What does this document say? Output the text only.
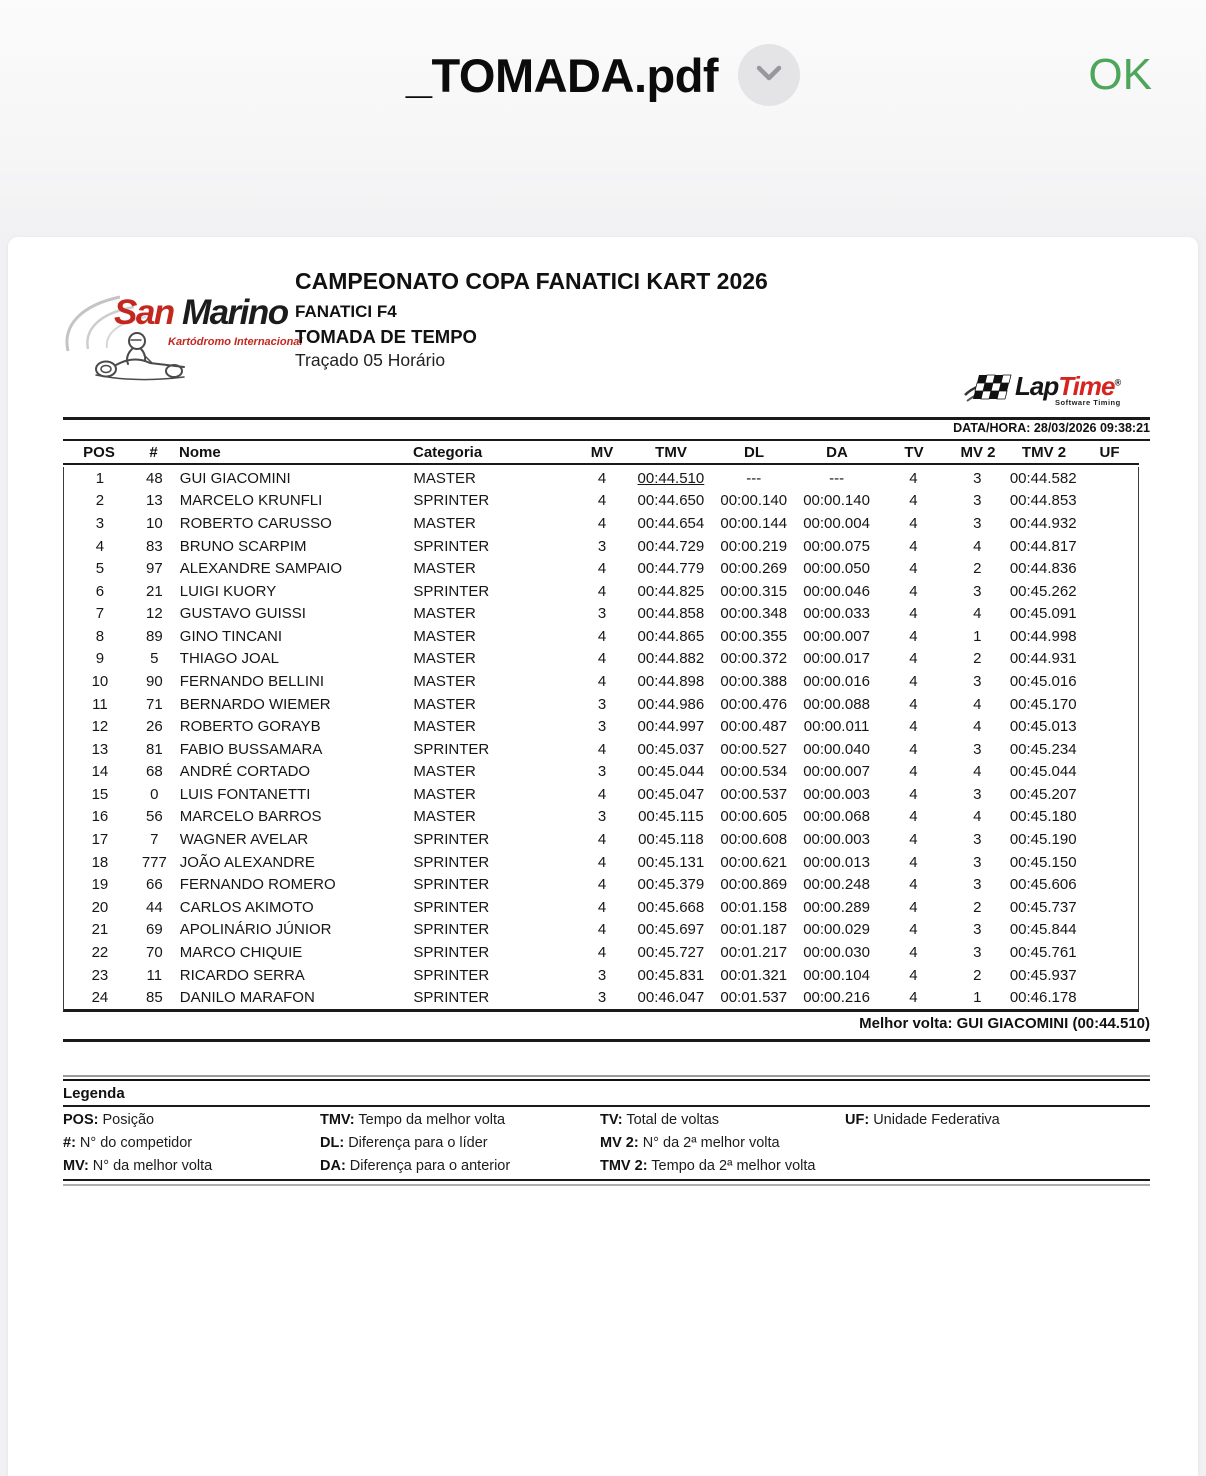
_TOMADA.pdf	OK
San Marino
Kartódromo Internacional
CAMPEONATO COPA FANATICI KART 2026
FANATICI F4
TOMADA DE TEMPO
Traçado 05 Horário
LapTime®
Software Timing
DATA/HORA: 28/03/2026 09:38:21
POS	#	Nome	Categoria	MV	TMV	DL	DA	TV	MV 2	TMV 2	UF
1	48	GUI GIACOMINI	MASTER	4	00:44.510	---	---	4	3	00:44.582
2	13	MARCELO KRUNFLI	SPRINTER	4	00:44.650	00:00.140	00:00.140	4	3	00:44.853
3	10	ROBERTO CARUSSO	MASTER	4	00:44.654	00:00.144	00:00.004	4	3	00:44.932
4	83	BRUNO SCARPIM	SPRINTER	3	00:44.729	00:00.219	00:00.075	4	4	00:44.817
5	97	ALEXANDRE SAMPAIO	MASTER	4	00:44.779	00:00.269	00:00.050	4	2	00:44.836
6	21	LUIGI KUORY	SPRINTER	4	00:44.825	00:00.315	00:00.046	4	3	00:45.262
7	12	GUSTAVO GUISSI	MASTER	3	00:44.858	00:00.348	00:00.033	4	4	00:45.091
8	89	GINO TINCANI	MASTER	4	00:44.865	00:00.355	00:00.007	4	1	00:44.998
9	5	THIAGO JOAL	MASTER	4	00:44.882	00:00.372	00:00.017	4	2	00:44.931
10	90	FERNANDO BELLINI	MASTER	4	00:44.898	00:00.388	00:00.016	4	3	00:45.016
11	71	BERNARDO WIEMER	MASTER	3	00:44.986	00:00.476	00:00.088	4	4	00:45.170
12	26	ROBERTO GORAYB	MASTER	3	00:44.997	00:00.487	00:00.011	4	4	00:45.013
13	81	FABIO BUSSAMARA	SPRINTER	4	00:45.037	00:00.527	00:00.040	4	3	00:45.234
14	68	ANDRÉ CORTADO	MASTER	3	00:45.044	00:00.534	00:00.007	4	4	00:45.044
15	0	LUIS FONTANETTI	MASTER	4	00:45.047	00:00.537	00:00.003	4	3	00:45.207
16	56	MARCELO BARROS	MASTER	3	00:45.115	00:00.605	00:00.068	4	4	00:45.180
17	7	WAGNER AVELAR	SPRINTER	4	00:45.118	00:00.608	00:00.003	4	3	00:45.190
18	777 JOÃO ALEXANDRE	SPRINTER	4	00:45.131	00:00.621	00:00.013	4	3	00:45.150
19	66	FERNANDO ROMERO	SPRINTER	4	00:45.379	00:00.869	00:00.248	4	3	00:45.606
20	44	CARLOS AKIMOTO	SPRINTER	4	00:45.668	00:01.158	00:00.289	4	2	00:45.737
21	69	APOLINÁRIO JÚNIOR	SPRINTER	4	00:45.697	00:01.187	00:00.029	4	3	00:45.844
22	70	MARCO CHIQUIE	SPRINTER	4	00:45.727	00:01.217	00:00.030	4	3	00:45.761
23	11	RICARDO SERRA	SPRINTER	3	00:45.831	00:01.321	00:00.104	4	2	00:45.937
24	85	DANILO MARAFON	SPRINTER	3	00:46.047	00:01.537	00:00.216	4	1	00:46.178
Melhor volta: GUI GIACOMINI (00:44.510)
Legenda

POS: Posição

#: N° do competidor

MV: N° da melhor volta

TMV: Tempo da melhor volta

DL: Diferença para o líder

DA: Diferença para o anterior

TV: Total de voltas

MV 2: N° da 2ª melhor volta

TMV 2: Tempo da 2ª melhor volta

UF: Unidade Federativa
